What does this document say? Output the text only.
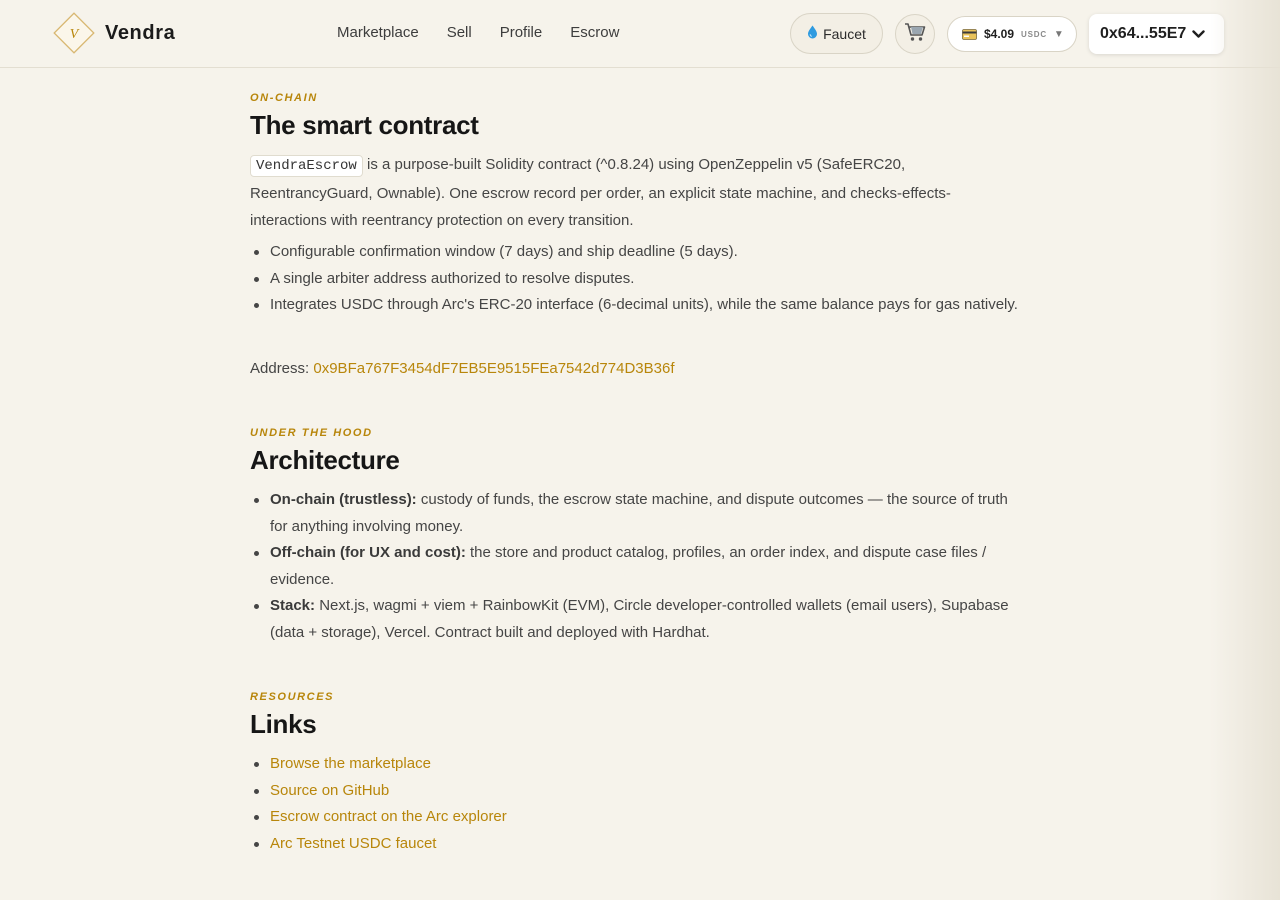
V Vendra	Marketplace Sell Profile Escrow	Faucet	$4.09 USDC ▼ 0x64...55E7
ON-CHAIN
The smart contract

VendraEscrow is a purpose-built Solidity contract (^0.8.24) using OpenZeppelin v5 (SafeERC20, ReentrancyGuard, Ownable). One escrow record per order, an explicit state machine, and checks-effects-interactions with reentrancy protection on every transition.

Configurable confirmation window (7 days) and ship deadline (5 days).
A single arbiter address authorized to resolve disputes.
Integrates USDC through Arc's ERC-20 interface (6-decimal units), while the same balance pays for gas natively.
Address: 0x9BFa767F3454dF7EB5E9515FEa7542d774D3B36f
UNDER THE HOOD
Architecture
On-chain (trustless): custody of funds, the escrow state machine, and dispute outcomes — the source of truth for anything involving money.
Off-chain (for UX and cost): the store and product catalog, profiles, an order index, and dispute case files / evidence.
Stack: Next.js, wagmi + viem + RainbowKit (EVM), Circle developer-controlled wallets (email users), Supabase (data + storage), Vercel. Contract built and deployed with Hardhat.
RESOURCES
Links
Browse the marketplace
Source on GitHub
Escrow contract on the Arc explorer
Arc Testnet USDC faucet
